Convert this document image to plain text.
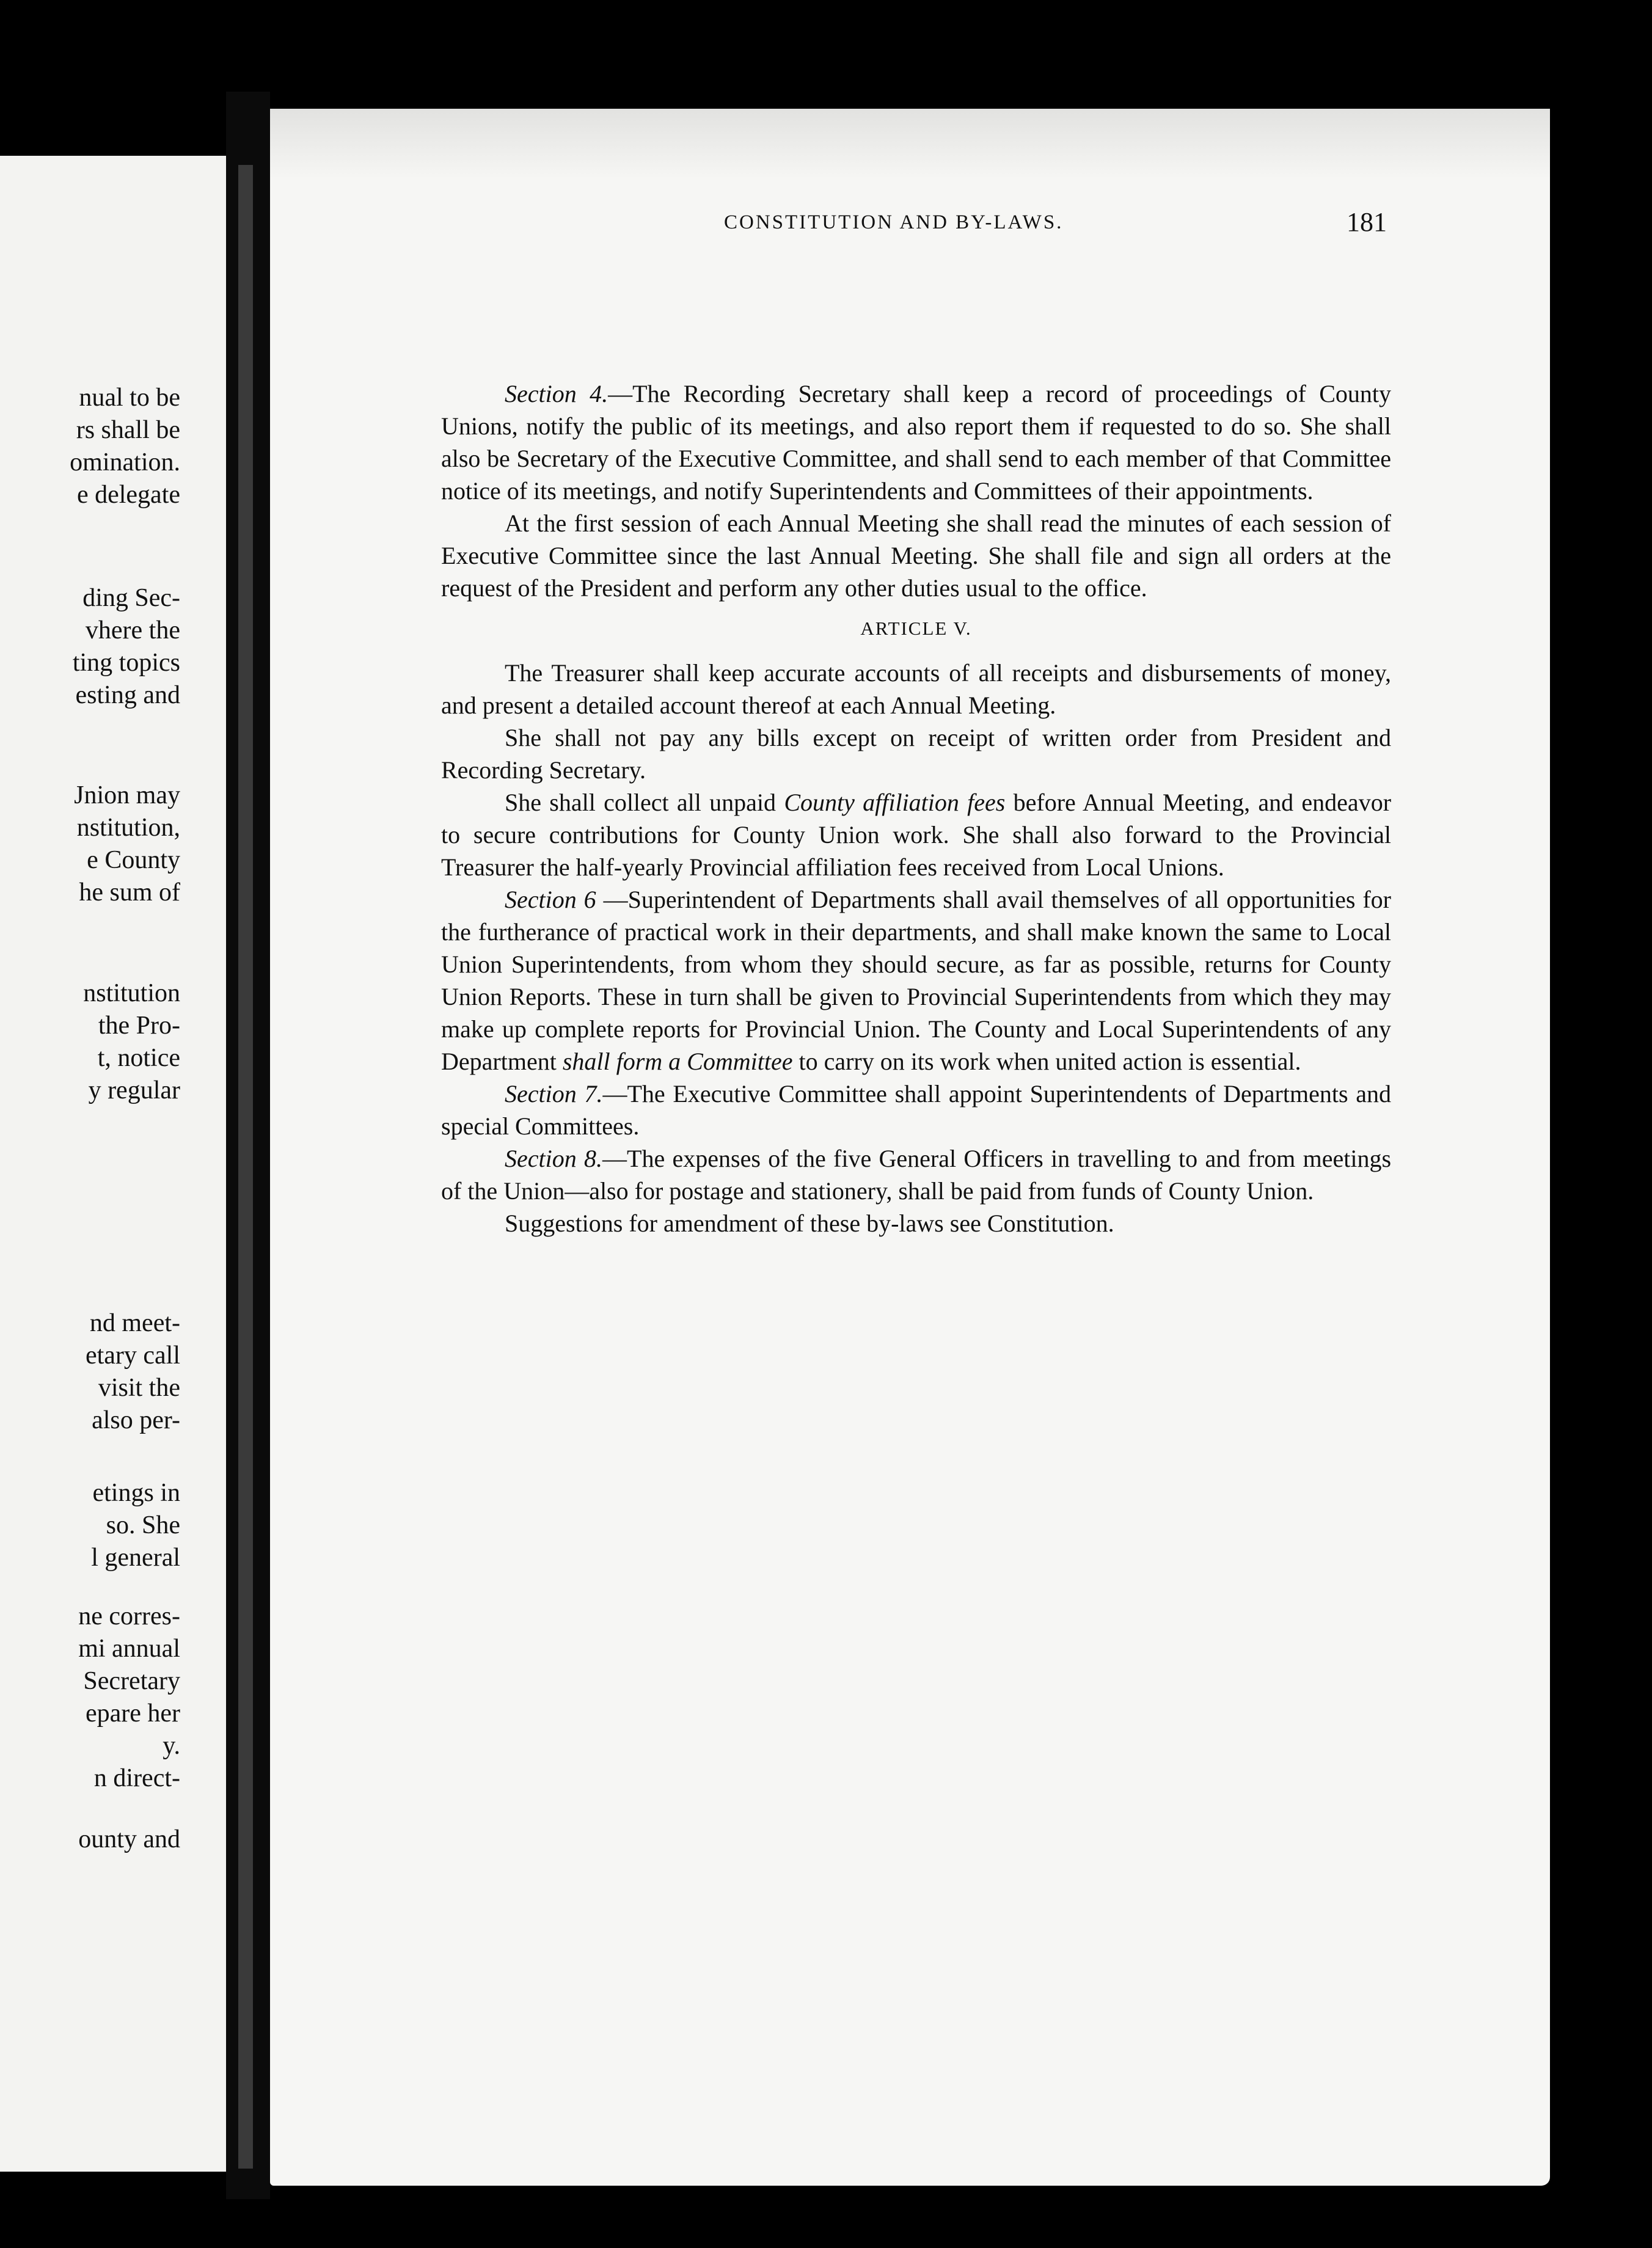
nual to be
rs shall be
omination.
e delegate
ding Sec-
vhere the
ting topics
esting and
Jnion may
nstitution,
e County
he sum of
nstitution
the Pro-
t, notice
y regular
nd meet-
etary call
visit the
also per-
etings in
so. She
l general
ne corres-
mi annual
Secretary
epare her
y.
n direct-
ounty and
CONSTITUTION AND BY-LAWS.	181

Section 4.—The Recording Secretary shall keep a record of proceedings of County Unions, notify the public of its meetings, and also report them if requested to do so. She shall also be Secretary of the Executive Committee, and shall send to each member of that Committee notice of its meetings, and notify Superintendents and Committees of their appointments.

At the first session of each Annual Meeting she shall read the minutes of each session of Executive Committee since the last Annual Meeting. She shall file and sign all orders at the request of the President and perform any other duties usual to the office.

ARTICLE V.

The Treasurer shall keep accurate accounts of all receipts and disbursements of money, and present a detailed account thereof at each Annual Meeting.

She shall not pay any bills except on receipt of written order from President and Recording Secretary.

She shall collect all unpaid County affiliation fees before Annual Meeting, and endeavor to secure contributions for County Union work. She shall also forward to the Provincial Treasurer the half-yearly Provincial affiliation fees received from Local Unions.

Section 6 —Superintendent of Departments shall avail themselves of all opportunities for the furtherance of practical work in their departments, and shall make known the same to Local Union Superintendents, from whom they should secure, as far as possible, returns for County Union Reports. These in turn shall be given to Provincial Superintendents from which they may make up complete reports for Provincial Union. The County and Local Superintendents of any Department shall form a Committee to carry on its work when united action is essential.

Section 7.—The Executive Committee shall appoint Superintendents of Departments and special Committees.

Section 8.—The expenses of the five General Officers in travelling to and from meetings of the Union—also for postage and stationery, shall be paid from funds of County Union.

Suggestions for amendment of these by-laws see Constitution.
